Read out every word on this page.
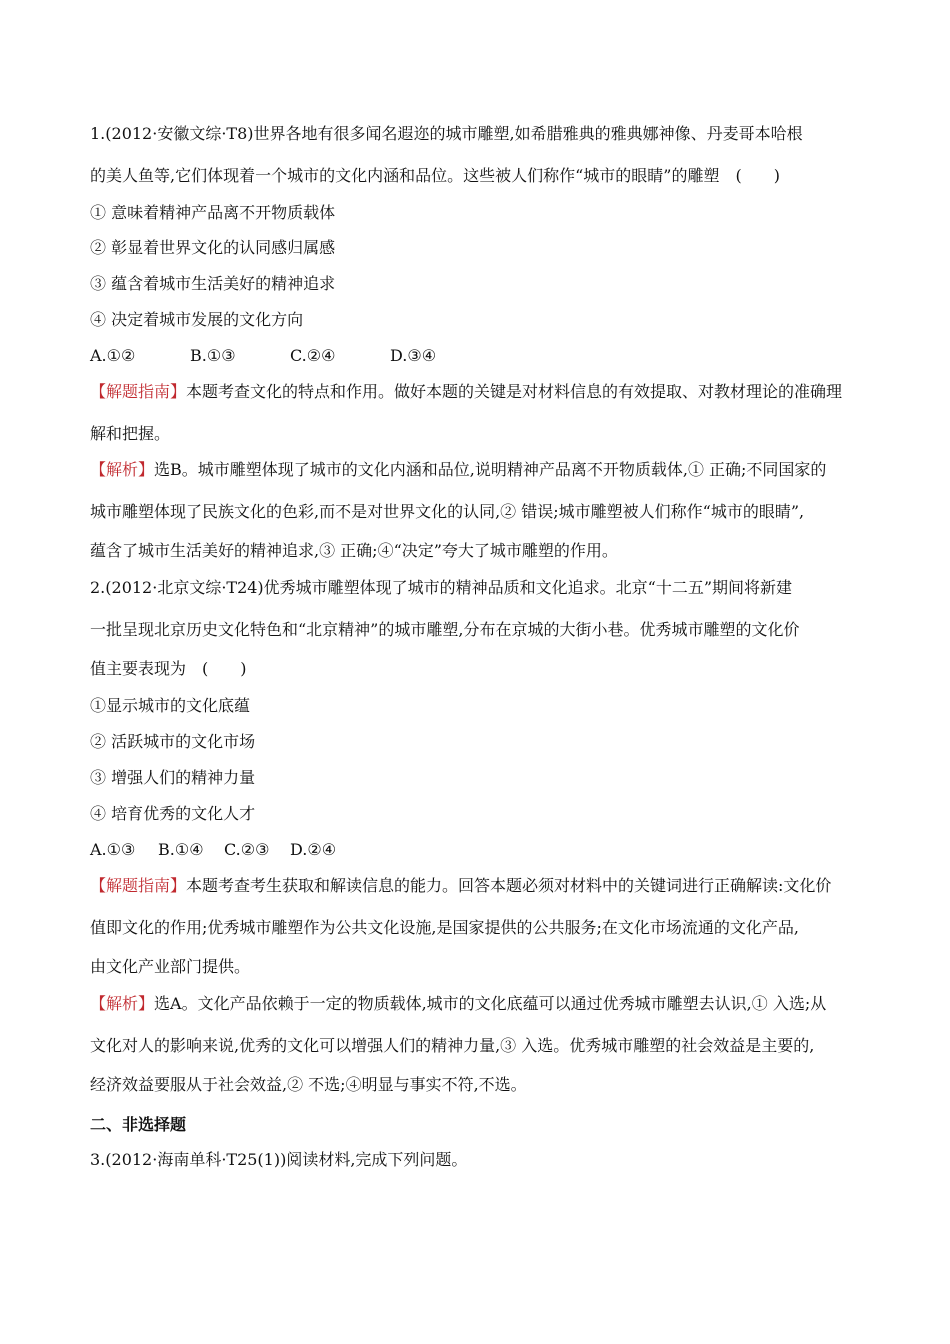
1.(2012·安徽文综·T8)世界各地有很多闻名遐迩的城市雕塑,如希腊雅典的雅典娜神像、丹麦哥本哈根
的美人鱼等,它们体现着一个城市的文化内涵和品位。这些被人们称作“城市的眼睛”的雕塑　(　　)
① 意味着精神产品离不开物质载体
② 彰显着世界文化的认同感归属感
③ 蕴含着城市生活美好的精神追求
④ 决定着城市发展的文化方向
A.①②	B.①③	C.②④	D.③④
【解题指南】本题考查文化的特点和作用。做好本题的关键是对材料信息的有效提取、对教材理论的准确理
解和把握。
【解析】选B。城市雕塑体现了城市的文化内涵和品位,说明精神产品离不开物质载体,① 正确;不同国家的
城市雕塑体现了民族文化的色彩,而不是对世界文化的认同,② 错误;城市雕塑被人们称作“城市的眼睛”,
蕴含了城市生活美好的精神追求,③ 正确;④“决定”夸大了城市雕塑的作用。
2.(2012·北京文综·T24)优秀城市雕塑体现了城市的精神品质和文化追求。北京“十二五”期间将新建
一批呈现北京历史文化特色和“北京精神”的城市雕塑,分布在京城的大街小巷。优秀城市雕塑的文化价
值主要表现为　(　　)
①显示城市的文化底蕴
② 活跃城市的文化市场
③ 增强人们的精神力量
④ 培育优秀的文化人才
A.①③ B.①④ C.②③ D.②④
【解题指南】本题考查考生获取和解读信息的能力。回答本题必须对材料中的关键词进行正确解读:文化价
值即文化的作用;优秀城市雕塑作为公共文化设施,是国家提供的公共服务;在文化市场流通的文化产品,
由文化产业部门提供。
【解析】选A。文化产品依赖于一定的物质载体,城市的文化底蕴可以通过优秀城市雕塑去认识,① 入选;从
文化对人的影响来说,优秀的文化可以增强人们的精神力量,③ 入选。优秀城市雕塑的社会效益是主要的,
经济效益要服从于社会效益,② 不选;④明显与事实不符,不选。
二、非选择题
3.(2012·海南单科·T25(1))阅读材料,完成下列问题。
